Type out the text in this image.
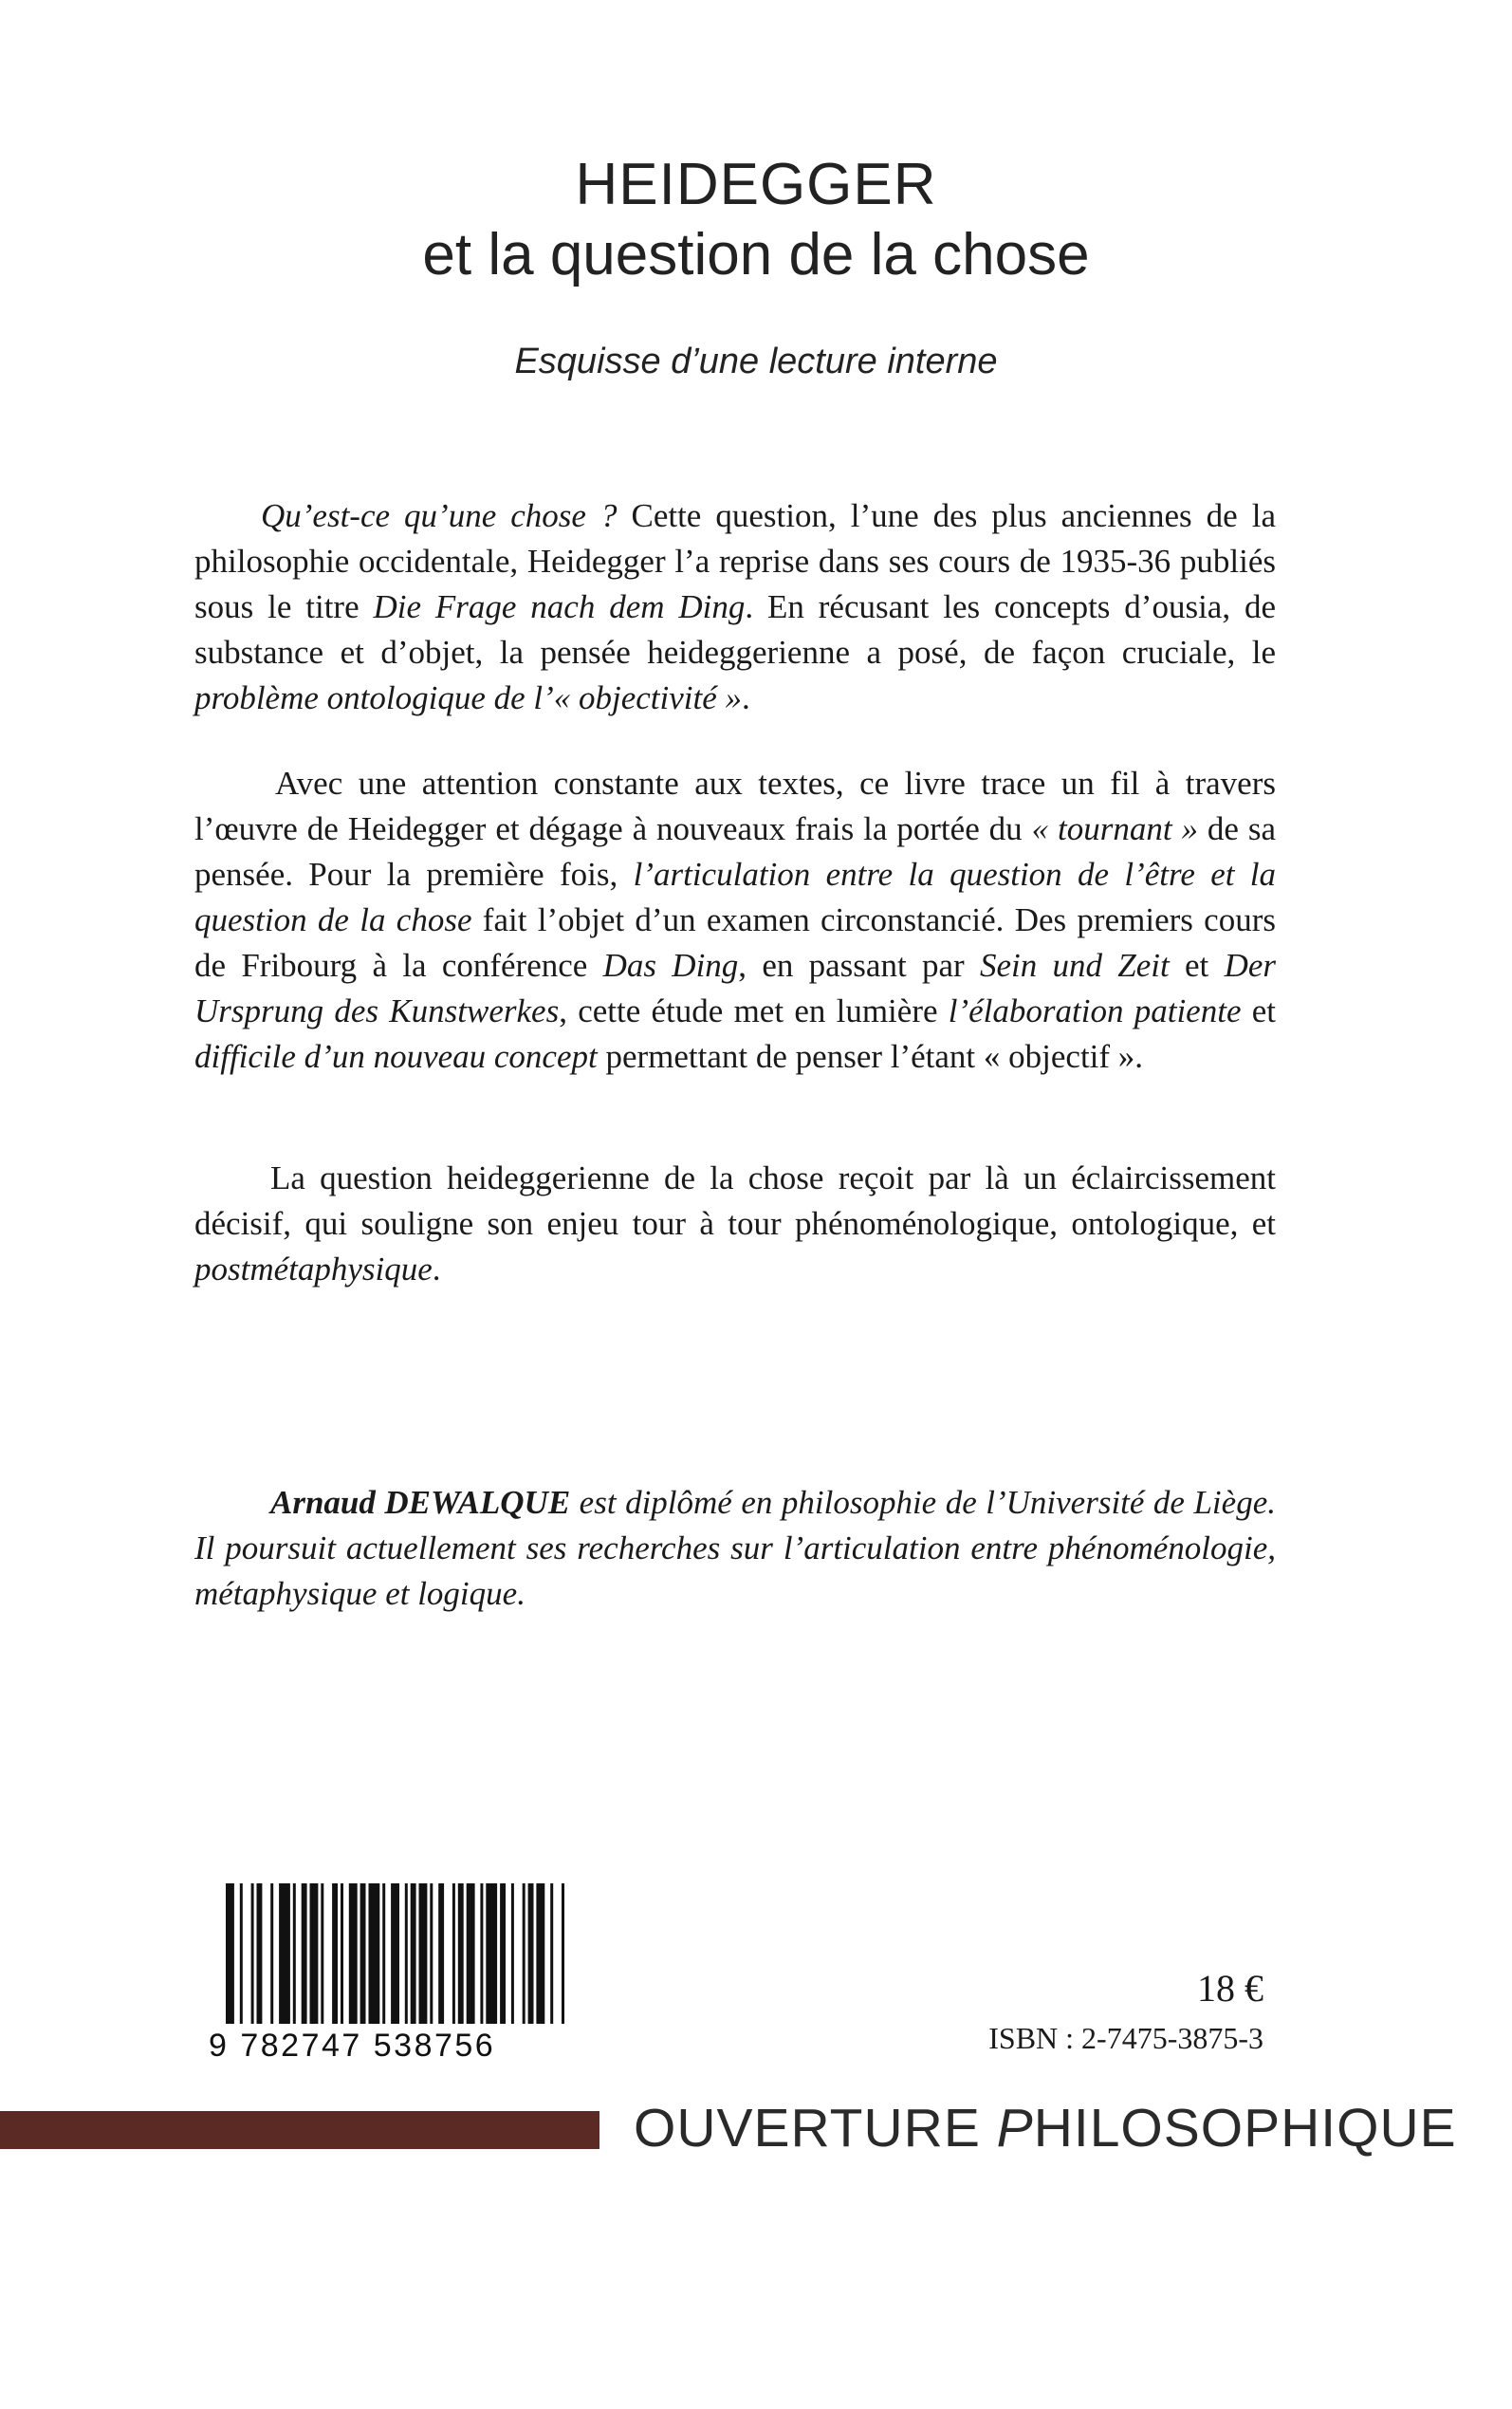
HEIDEGGER
et la question de la chose
Esquisse d’une lecture interne

Qu’est-ce qu’une chose ? Cette question, l’une des plus anciennes de la philosophie occidentale, Heidegger l’a reprise dans ses cours de 1935-36 publiés sous le titre Die Frage nach dem Ding. En récusant les concepts d’ousia, de substance et d’objet, la pensée heideggerienne a posé, de façon cruciale, le problème ontologique de l’« objectivité ».

Avec une attention constante aux textes, ce livre trace un fil à travers l’œuvre de Heidegger et dégage à nouveaux frais la portée du « tournant » de sa pensée. Pour la première fois, l’articulation entre la question de l’être et la question de la chose fait l’objet d’un examen circonstancié. Des premiers cours de Fribourg à la conférence Das Ding, en passant par Sein und Zeit et Der Ursprung des Kunstwerkes, cette étude met en lumière l’élaboration patiente et difficile d’un nouveau concept permettant de penser l’étant « objectif ».

La question heideggerienne de la chose reçoit par là un éclaircissement décisif, qui souligne son enjeu tour à tour phénoménologique, ontologique, et postmétaphysique.

Arnaud DEWALQUE est diplômé en philosophie de l’Université de Liège. Il poursuit actuellement ses recherches sur l’articulation entre phénoménologie, métaphysique et logique.

9 782747 538756
18 €
ISBN : 2-7475-3875-3
OUVERTURE PHILOSOPHIQUE
